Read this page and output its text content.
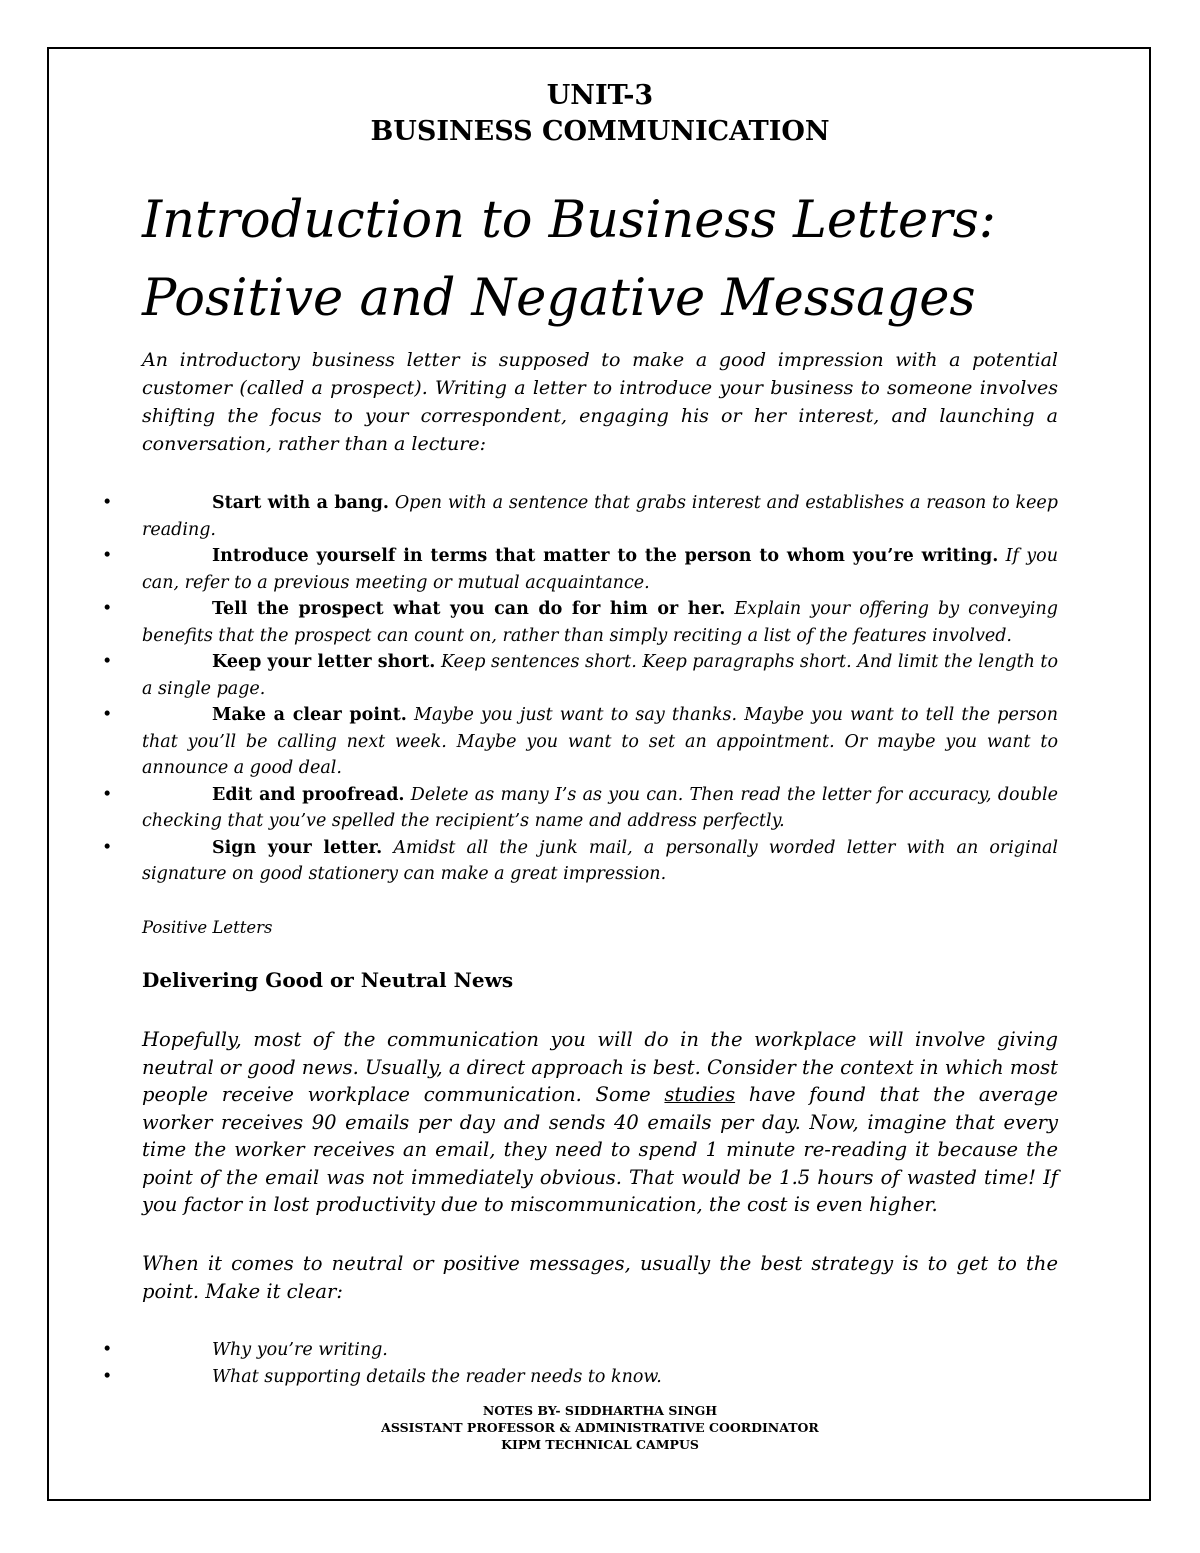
UNIT-3
BUSINESS COMMUNICATION
Introduction to Business Letters:
Positive and Negative Messages
An introductory business letter is supposed to make a good impression with a potential customer (called a prospect). Writing a letter to introduce your business to someone involves shifting the focus to your correspondent, engaging his or her interest, and launching a conversation, rather than a lecture:
•	Start with a bang. Open with a sentence that grabs interest and establishes a reason to keep reading.
•	Introduce yourself in terms that matter to the person to whom you’re writing. If you can, refer to a previous meeting or mutual acquaintance.
•	Tell the prospect what you can do for him or her. Explain your offering by conveying benefits that the prospect can count on, rather than simply reciting a list of the features involved.
•	Keep your letter short. Keep sentences short. Keep paragraphs short. And limit the length to a single page.
•	Make a clear point. Maybe you just want to say thanks. Maybe you want to tell the person that you’ll be calling next week. Maybe you want to set an appointment. Or maybe you want to announce a good deal.
•	Edit and proofread. Delete as many I’s as you can. Then read the letter for accuracy, double checking that you’ve spelled the recipient’s name and address perfectly.
•	Sign your letter. Amidst all the junk mail, a personally worded letter with an original signature on good stationery can make a great impression.
Positive Letters
Delivering Good or Neutral News
Hopefully, most of the communication you will do in the workplace will involve giving neutral or good news. Usually, a direct approach is best. Consider the context in which most people receive workplace communication. Some studies have found that the average worker receives 90 emails per day and sends 40 emails per day. Now, imagine that every time the worker receives an email, they need to spend 1 minute re-reading it because the point of the email was not immediately obvious. That would be 1.5 hours of wasted time! If you factor in lost productivity due to miscommunication, the cost is even higher.
When it comes to neutral or positive messages, usually the best strategy is to get to the point. Make it clear:
•	Why you’re writing.
•	What supporting details the reader needs to know.
NOTES BY- SIDDHARTHA SINGH
ASSISTANT PROFESSOR & ADMINISTRATIVE COORDINATOR
KIPM TECHNICAL CAMPUS
